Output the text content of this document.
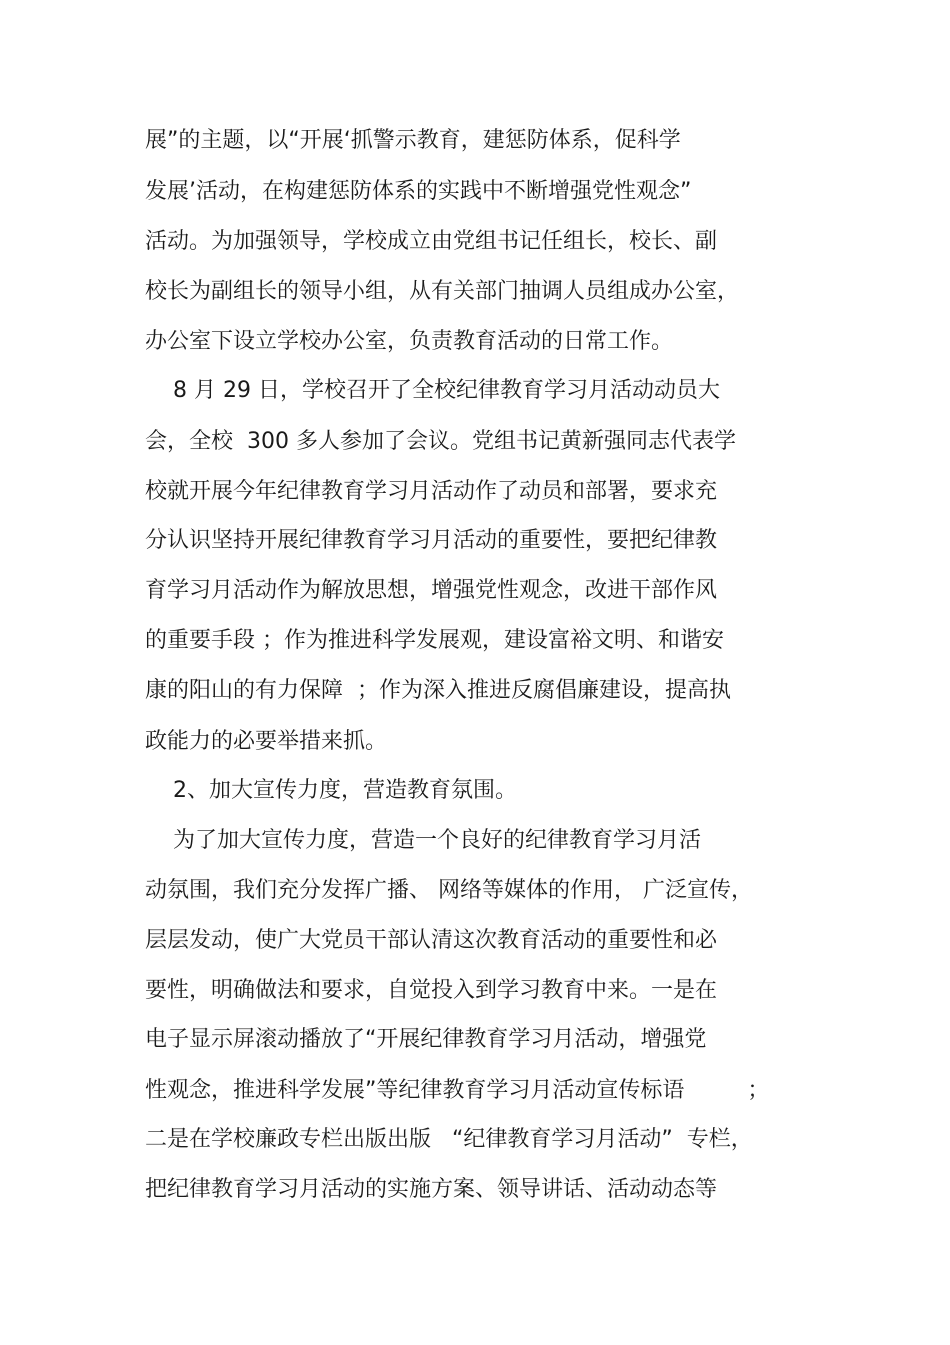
展”的主题，以“开展‘抓警示教育，建惩防体系，促科学
发展’活动，在构建惩防体系的实践中不断增强党性观念”
活动。为加强领导，学校成立由党组书记任组长，校长、副
校长为副组长的领导小组，从有关部门抽调人员组成办公室，
办公室下设立学校办公室，负责教育活动的日常工作。
8 月 29 日，学校召开了全校纪律教育学习月活动动员大
会，全校  300 多人参加了会议。党组书记黄新强同志代表学
校就开展今年纪律教育学习月活动作了动员和部署，要求充
分认识坚持开展纪律教育学习月活动的重要性，要把纪律教
育学习月活动作为解放思想，增强党性观念，改进干部作风
的重要手段 ；作为推进科学发展观，建设富裕文明、和谐安
康的阳山的有力保障  ；作为深入推进反腐倡廉建设，提高执
政能力的必要举措来抓。
2、加大宣传力度，营造教育氛围。
为了加大宣传力度，营造一个良好的纪律教育学习月活
动氛围，我们充分发挥广播、 网络等媒体的作用， 广泛宣传，
层层发动，使广大党员干部认清这次教育活动的重要性和必
要性，明确做法和要求，自觉投入到学习教育中来。一是在
电子显示屏滚动播放了“开展纪律教育学习月活动，增强党
性观念，推进科学发展”等纪律教育学习月活动宣传标语         ；
二是在学校廉政专栏出版出版   “纪律教育学习月活动”  专栏，
把纪律教育学习月活动的实施方案、领导讲话、活动动态等
